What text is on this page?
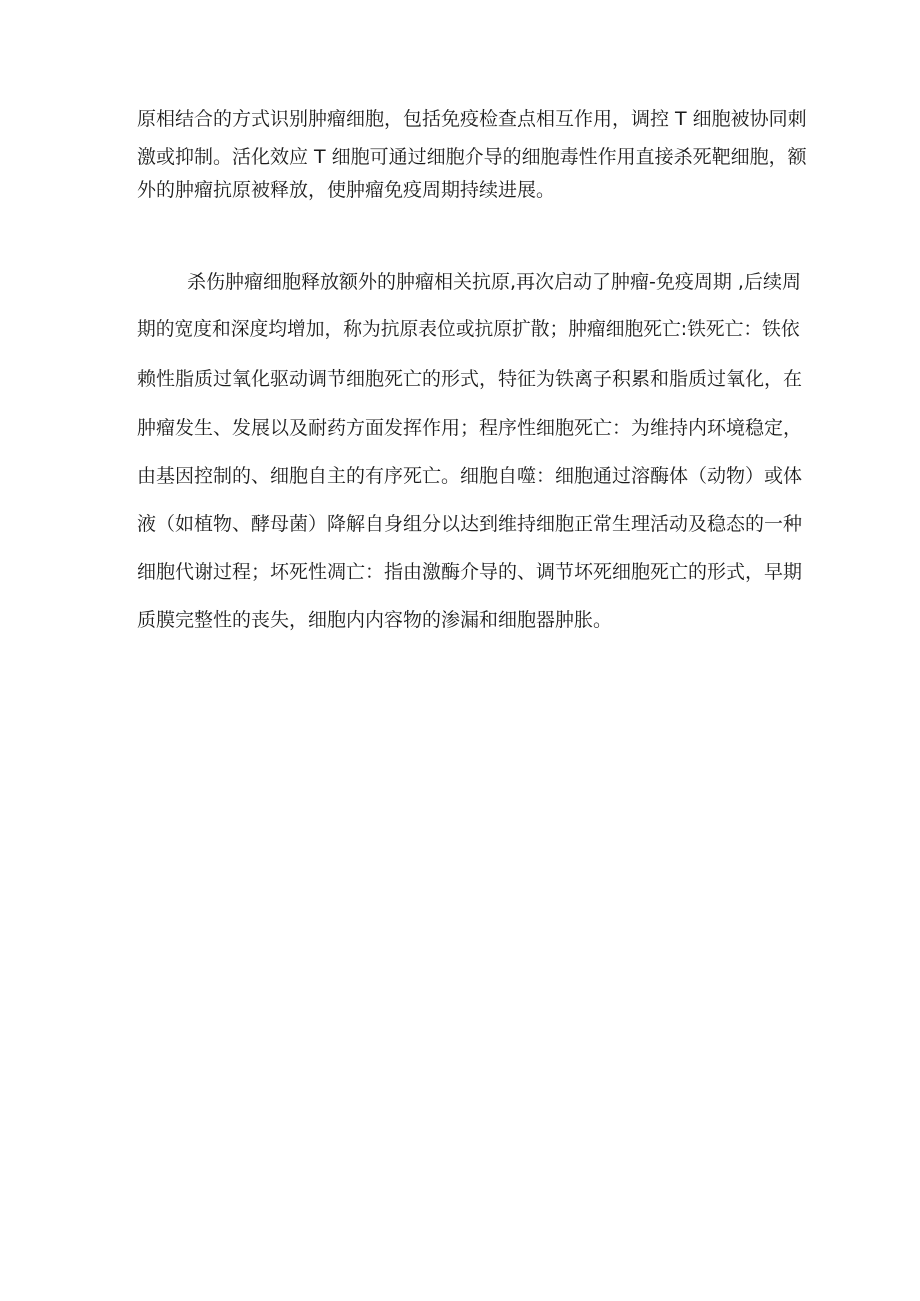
原相结合的方式识别肿瘤细胞，包括免疫检查点相互作用，调控 T 细胞被协同刺
激或抑制。活化效应 T 细胞可通过细胞介导的细胞毒性作用直接杀死靶细胞，额
外的肿瘤抗原被释放，使肿瘤免疫周期持续进展。
杀伤肿瘤细胞释放额外的肿瘤相关抗原,再次启动了肿瘤-免疫周期 ,后续周
期的宽度和深度均增加，称为抗原表位或抗原扩散；肿瘤细胞死亡:铁死亡：铁依
赖性脂质过氧化驱动调节细胞死亡的形式，特征为铁离子积累和脂质过氧化，在
肿瘤发生、发展以及耐药方面发挥作用；程序性细胞死亡：为维持内环境稳定，
由基因控制的、细胞自主的有序死亡。细胞自噬：细胞通过溶酶体（动物）或体
液（如植物、酵母菌）降解自身组分以达到维持细胞正常生理活动及稳态的一种
细胞代谢过程；坏死性凋亡：指由激酶介导的、调节坏死细胞死亡的形式，早期
质膜完整性的丧失，细胞内内容物的渗漏和细胞器肿胀。
